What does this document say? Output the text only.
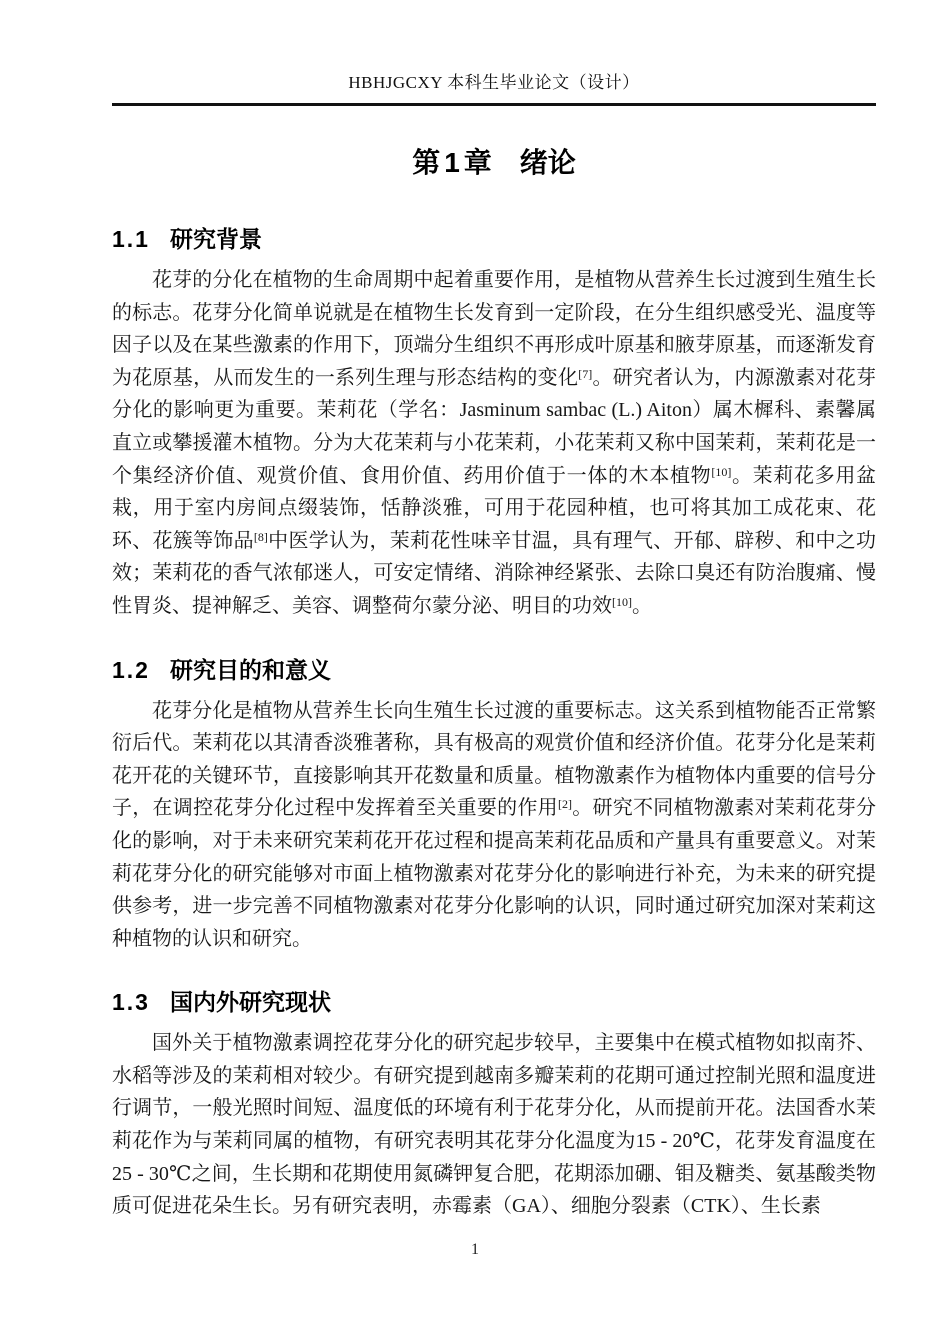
HBHJGCXY 本科生毕业论文（设计）
第1章 绪论
1.1 研究背景

花芽的分化在植物的生命周期中起着重要作用，是植物从营养生长过渡到生殖生长的标志。花芽分化简单说就是在植物生长发育到一定阶段，在分生组织感受光、温度等因子以及在某些激素的作用下，顶端分生组织不再形成叶原基和腋芽原基，而逐渐发育为花原基，从而发生的一系列生理与形态结构的变化[7]。研究者认为，内源激素对花芽分化的影响更为重要。茉莉花（学名：Jasminum sambac (L.) Aiton）属木樨科、素馨属直立或攀援灌木植物。分为大花茉莉与小花茉莉，小花茉莉又称中国茉莉，茉莉花是一个集经济价值、观赏价值、食用价值、药用价值于一体的木本植物[10]。茉莉花多用盆栽，用于室内房间点缀装饰，恬静淡雅，可用于花园种植，也可将其加工成花束、花环、花簇等饰品[8]中医学认为，茉莉花性味辛甘温，具有理气、开郁、辟秽、和中之功效；茉莉花的香气浓郁迷人，可安定情绪、消除神经紧张、去除口臭还有防治腹痛、慢性胃炎、提神解乏、美容、调整荷尔蒙分泌、明目的功效[10]。

1.2 研究目的和意义

花芽分化是植物从营养生长向生殖生长过渡的重要标志。这关系到植物能否正常繁衍后代。茉莉花以其清香淡雅著称，具有极高的观赏价值和经济价值。花芽分化是茉莉花开花的关键环节，直接影响其开花数量和质量。植物激素作为植物体内重要的信号分子，在调控花芽分化过程中发挥着至关重要的作用[2]。研究不同植物激素对茉莉花芽分化的影响，对于未来研究茉莉花开花过程和提高茉莉花品质和产量具有重要意义。对茉莉花芽分化的研究能够对市面上植物激素对花芽分化的影响进行补充，为未来的研究提供参考，进一步完善不同植物激素对花芽分化影响的认识，同时通过研究加深对茉莉这种植物的认识和研究。

1.3 国内外研究现状

国外关于植物激素调控花芽分化的研究起步较早，主要集中在模式植物如拟南芥、水稻等涉及的茉莉相对较少。有研究提到越南多瓣茉莉的花期可通过控制光照和温度进行调节，一般光照时间短、温度低的环境有利于花芽分化，从而提前开花。法国香水茉莉花作为与茉莉同属的植物，有研究表明其花芽分化温度为15 - 20℃，花芽发育温度在25 - 30℃之间，生长期和花期使用氮磷钾复合肥，花期添加硼、钼及糖类、氨基酸类物质可促进花朵生长。另有研究表明，赤霉素（GA）、细胞分裂素（CTK）、生长素

1
